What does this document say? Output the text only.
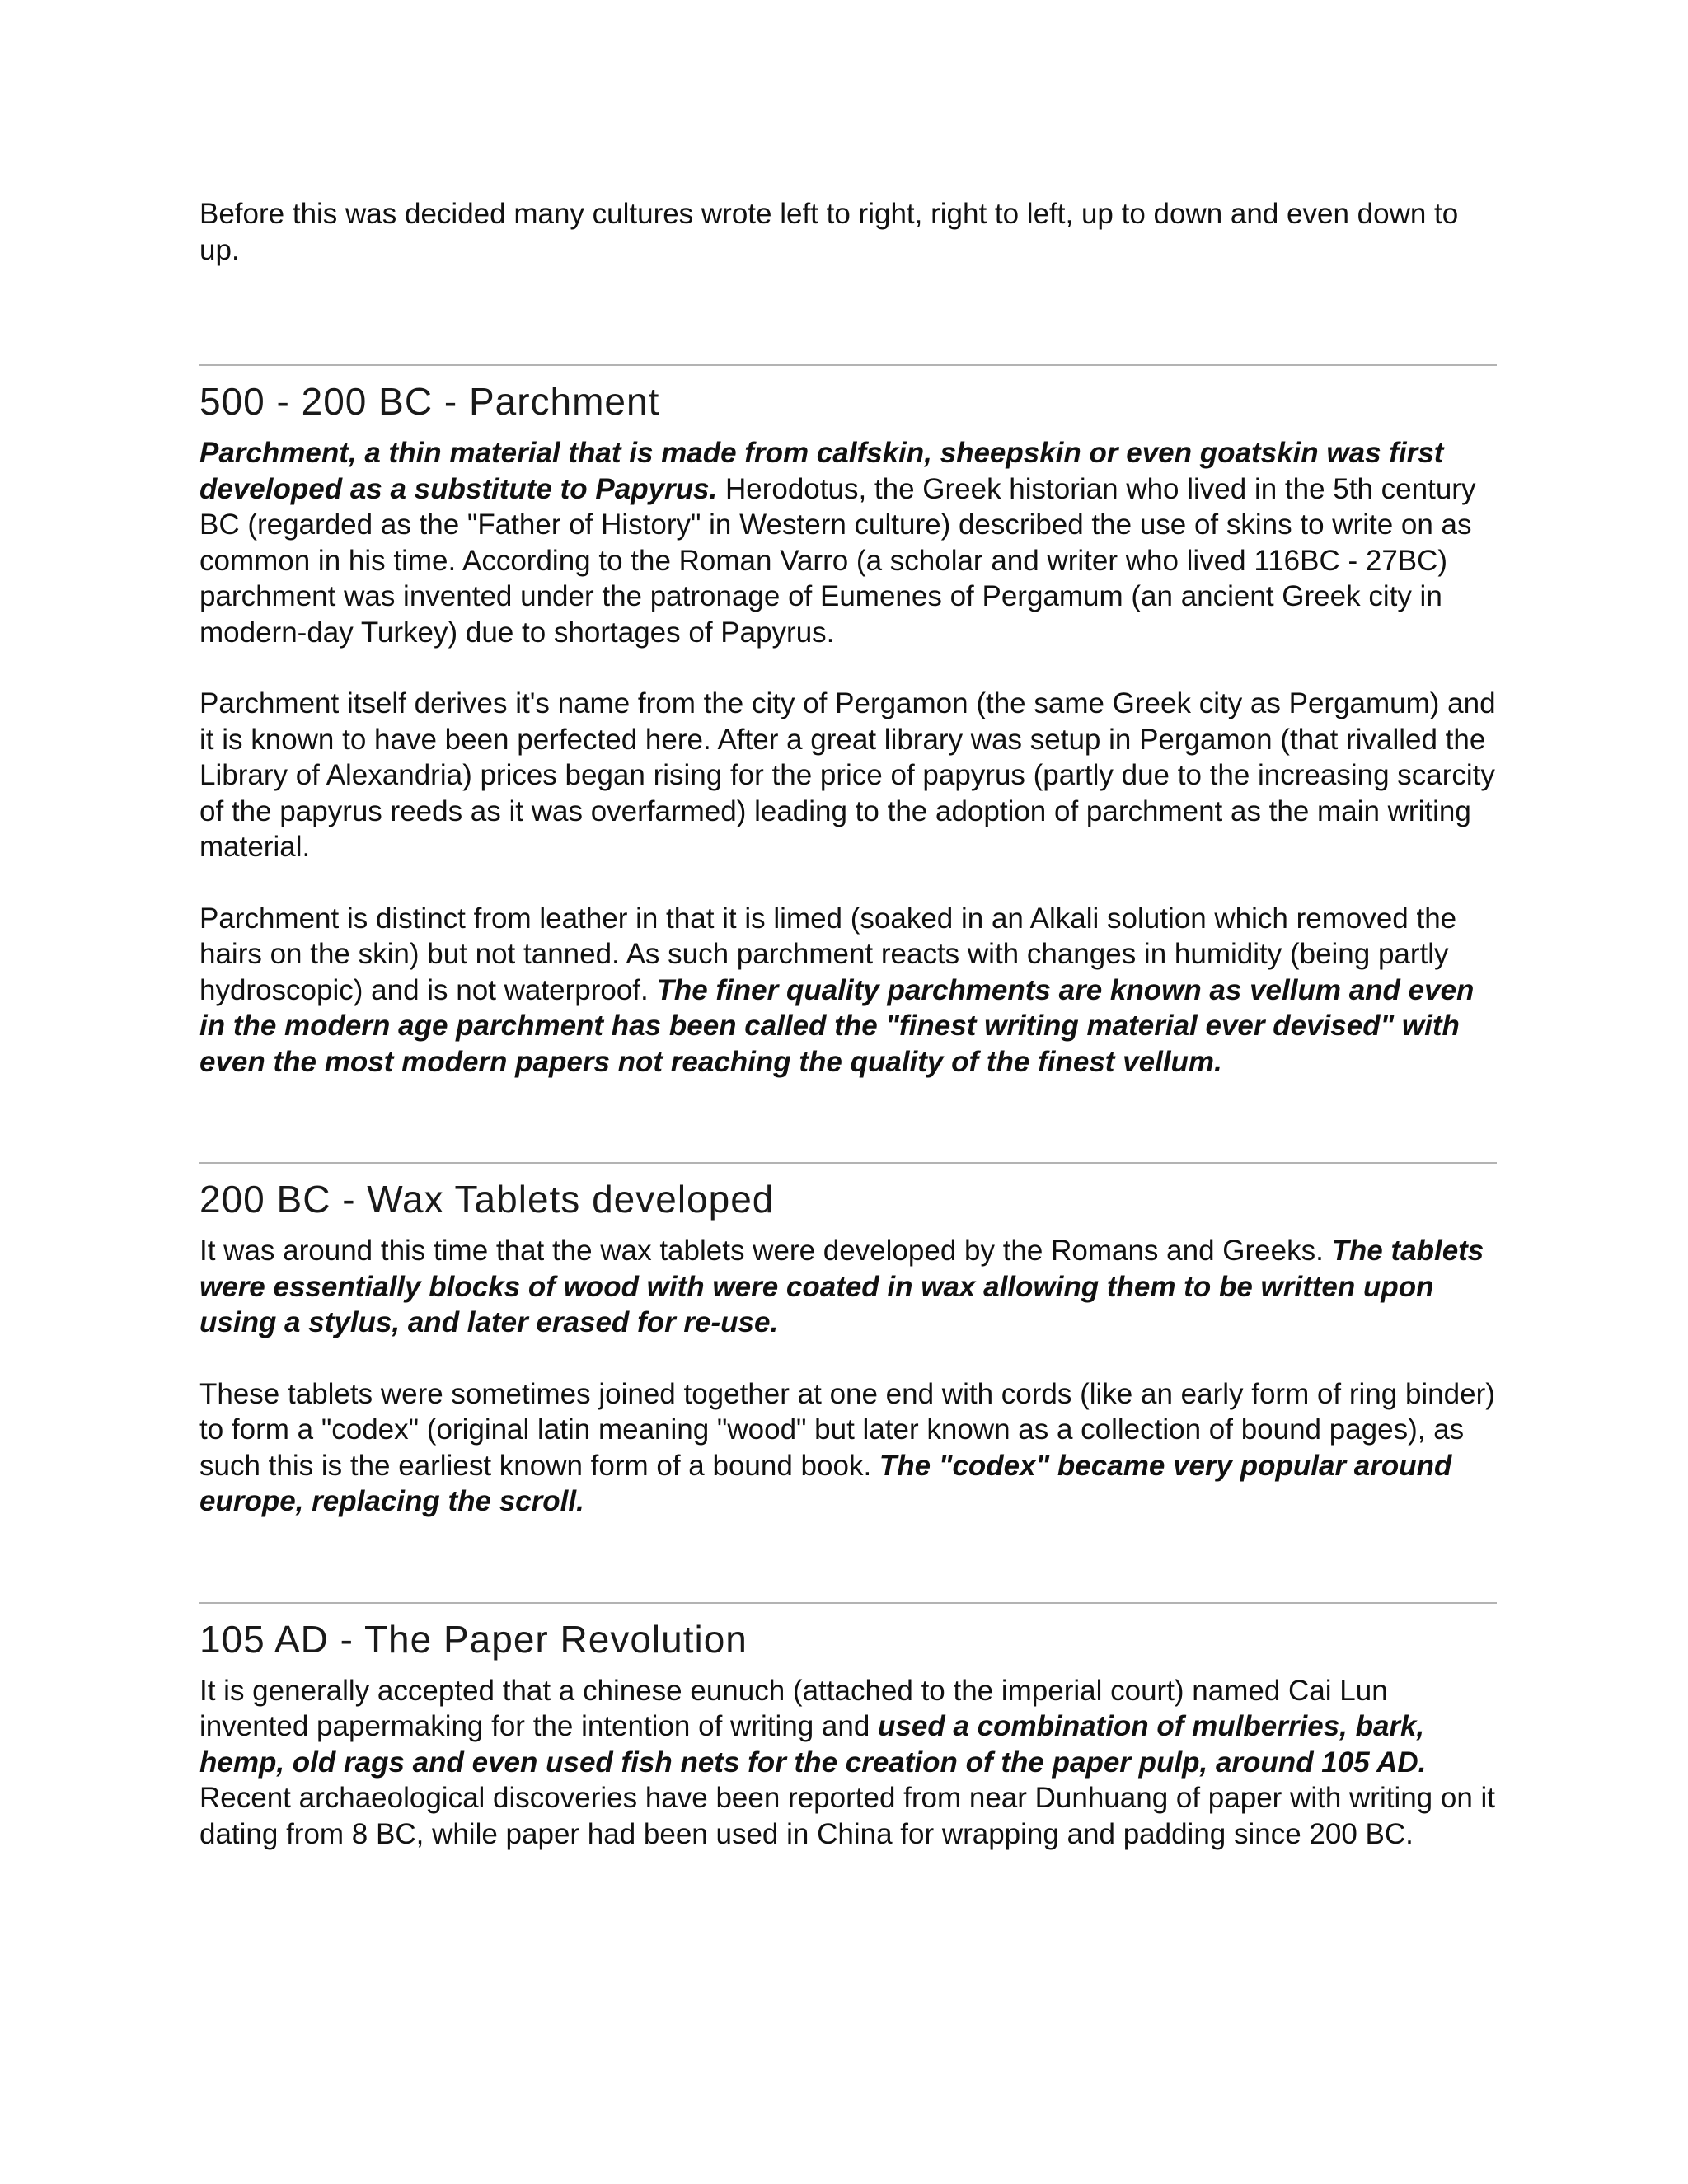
Before this was decided many cultures wrote left to right, right to left, up to down and even down to up.

500 - 200 BC - Parchment

Parchment, a thin material that is made from calfskin, sheepskin or even goatskin was first developed as a substitute to Papyrus. Herodotus, the Greek historian who lived in the 5th century BC (regarded as the "Father of History" in Western culture) described the use of skins to write on as common in his time. According to the Roman Varro (a scholar and writer who lived 116BC - 27BC) parchment was invented under the patronage of Eumenes of Pergamum (an ancient Greek city in modern-day Turkey) due to shortages of Papyrus.

Parchment itself derives it's name from the city of Pergamon (the same Greek city as Pergamum) and it is known to have been perfected here. After a great library was setup in Pergamon (that rivalled the Library of Alexandria) prices began rising for the price of papyrus (partly due to the increasing scarcity of the papyrus reeds as it was overfarmed) leading to the adoption of parchment as the main writing material.

Parchment is distinct from leather in that it is limed (soaked in an Alkali solution which removed the hairs on the skin) but not tanned. As such parchment reacts with changes in humidity (being partly hydroscopic) and is not waterproof. The finer quality parchments are known as vellum and even in the modern age parchment has been called the "finest writing material ever devised" with even the most modern papers not reaching the quality of the finest vellum.

200 BC - Wax Tablets developed

It was around this time that the wax tablets were developed by the Romans and Greeks. The tablets were essentially blocks of wood with were coated in wax allowing them to be written upon using a stylus, and later erased for re-use.

These tablets were sometimes joined together at one end with cords (like an early form of ring binder) to form a "codex" (original latin meaning "wood" but later known as a collection of bound pages), as such this is the earliest known form of a bound book. The "codex" became very popular around europe, replacing the scroll.

105 AD - The Paper Revolution

It is generally accepted that a chinese eunuch (attached to the imperial court) named Cai Lun invented papermaking for the intention of writing and used a combination of mulberries, bark, hemp, old rags and even used fish nets for the creation of the paper pulp, around 105 AD. Recent archaeological discoveries have been reported from near Dunhuang of paper with writing on it dating from 8 BC, while paper had been used in China for wrapping and padding since 200 BC.
